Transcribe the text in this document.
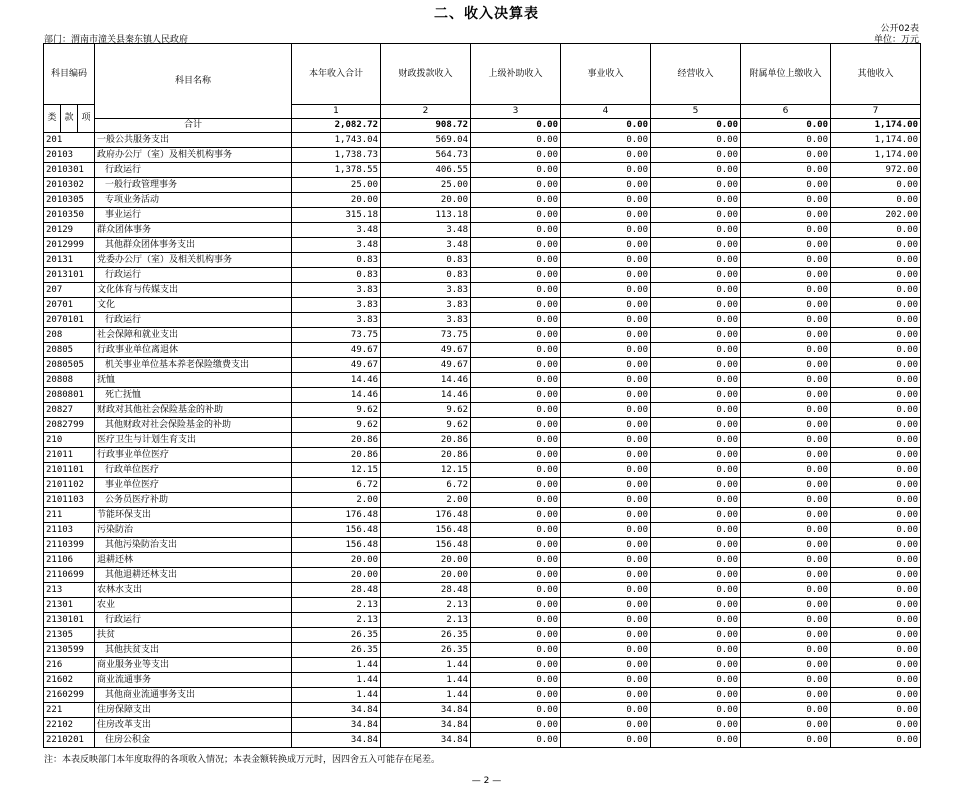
二、收入决算表
公开02表
部门：渭南市潼关县秦东镇人民政府	单位：万元
科目编码			科目名称	本年收入合计	财政拨款收入	上级补助收入	事业收入	经营收入	附属单位上缴收入	其他收入
类	款	项		1	2	3	4	5	6	7
			合计	2,082.72	908.72	0.00	0.00	0.00	0.00	1,174.00
201			一般公共服务支出	1,743.04	569.04	0.00	0.00	0.00	0.00	1,174.00
20103			政府办公厅（室）及相关机构事务	1,738.73	564.73	0.00	0.00	0.00	0.00	1,174.00
2010301			行政运行	1,378.55	406.55	0.00	0.00	0.00	0.00	972.00
2010302			一般行政管理事务	25.00	25.00	0.00	0.00	0.00	0.00	0.00
2010305			专项业务活动	20.00	20.00	0.00	0.00	0.00	0.00	0.00
2010350			事业运行	315.18	113.18	0.00	0.00	0.00	0.00	202.00
20129			群众团体事务	3.48	3.48	0.00	0.00	0.00	0.00	0.00
2012999			其他群众团体事务支出	3.48	3.48	0.00	0.00	0.00	0.00	0.00
20131			党委办公厅（室）及相关机构事务	0.83	0.83	0.00	0.00	0.00	0.00	0.00
2013101			行政运行	0.83	0.83	0.00	0.00	0.00	0.00	0.00
207			文化体育与传媒支出	3.83	3.83	0.00	0.00	0.00	0.00	0.00
20701			文化	3.83	3.83	0.00	0.00	0.00	0.00	0.00
2070101			行政运行	3.83	3.83	0.00	0.00	0.00	0.00	0.00
208			社会保障和就业支出	73.75	73.75	0.00	0.00	0.00	0.00	0.00
20805			行政事业单位离退休	49.67	49.67	0.00	0.00	0.00	0.00	0.00
2080505			机关事业单位基本养老保险缴费支出	49.67	49.67	0.00	0.00	0.00	0.00	0.00
20808			抚恤	14.46	14.46	0.00	0.00	0.00	0.00	0.00
2080801			死亡抚恤	14.46	14.46	0.00	0.00	0.00	0.00	0.00
20827			财政对其他社会保险基金的补助	9.62	9.62	0.00	0.00	0.00	0.00	0.00
2082799			其他财政对社会保险基金的补助	9.62	9.62	0.00	0.00	0.00	0.00	0.00
210			医疗卫生与计划生育支出	20.86	20.86	0.00	0.00	0.00	0.00	0.00
21011			行政事业单位医疗	20.86	20.86	0.00	0.00	0.00	0.00	0.00
2101101			行政单位医疗	12.15	12.15	0.00	0.00	0.00	0.00	0.00
2101102			事业单位医疗	6.72	6.72	0.00	0.00	0.00	0.00	0.00
2101103			公务员医疗补助	2.00	2.00	0.00	0.00	0.00	0.00	0.00
211			节能环保支出	176.48	176.48	0.00	0.00	0.00	0.00	0.00
21103			污染防治	156.48	156.48	0.00	0.00	0.00	0.00	0.00
2110399			其他污染防治支出	156.48	156.48	0.00	0.00	0.00	0.00	0.00
21106			退耕还林	20.00	20.00	0.00	0.00	0.00	0.00	0.00
2110699			其他退耕还林支出	20.00	20.00	0.00	0.00	0.00	0.00	0.00
213			农林水支出	28.48	28.48	0.00	0.00	0.00	0.00	0.00
21301			农业	2.13	2.13	0.00	0.00	0.00	0.00	0.00
2130101			行政运行	2.13	2.13	0.00	0.00	0.00	0.00	0.00
21305			扶贫	26.35	26.35	0.00	0.00	0.00	0.00	0.00
2130599			其他扶贫支出	26.35	26.35	0.00	0.00	0.00	0.00	0.00
216			商业服务业等支出	1.44	1.44	0.00	0.00	0.00	0.00	0.00
21602			商业流通事务	1.44	1.44	0.00	0.00	0.00	0.00	0.00
2160299			其他商业流通事务支出	1.44	1.44	0.00	0.00	0.00	0.00	0.00
221			住房保障支出	34.84	34.84	0.00	0.00	0.00	0.00	0.00
22102			住房改革支出	34.84	34.84	0.00	0.00	0.00	0.00	0.00
2210201			住房公积金	34.84	34.84	0.00	0.00	0.00	0.00	0.00
注：本表反映部门本年度取得的各项收入情况；本表金额转换成万元时，因四舍五入可能存在尾差。
— 2 —
